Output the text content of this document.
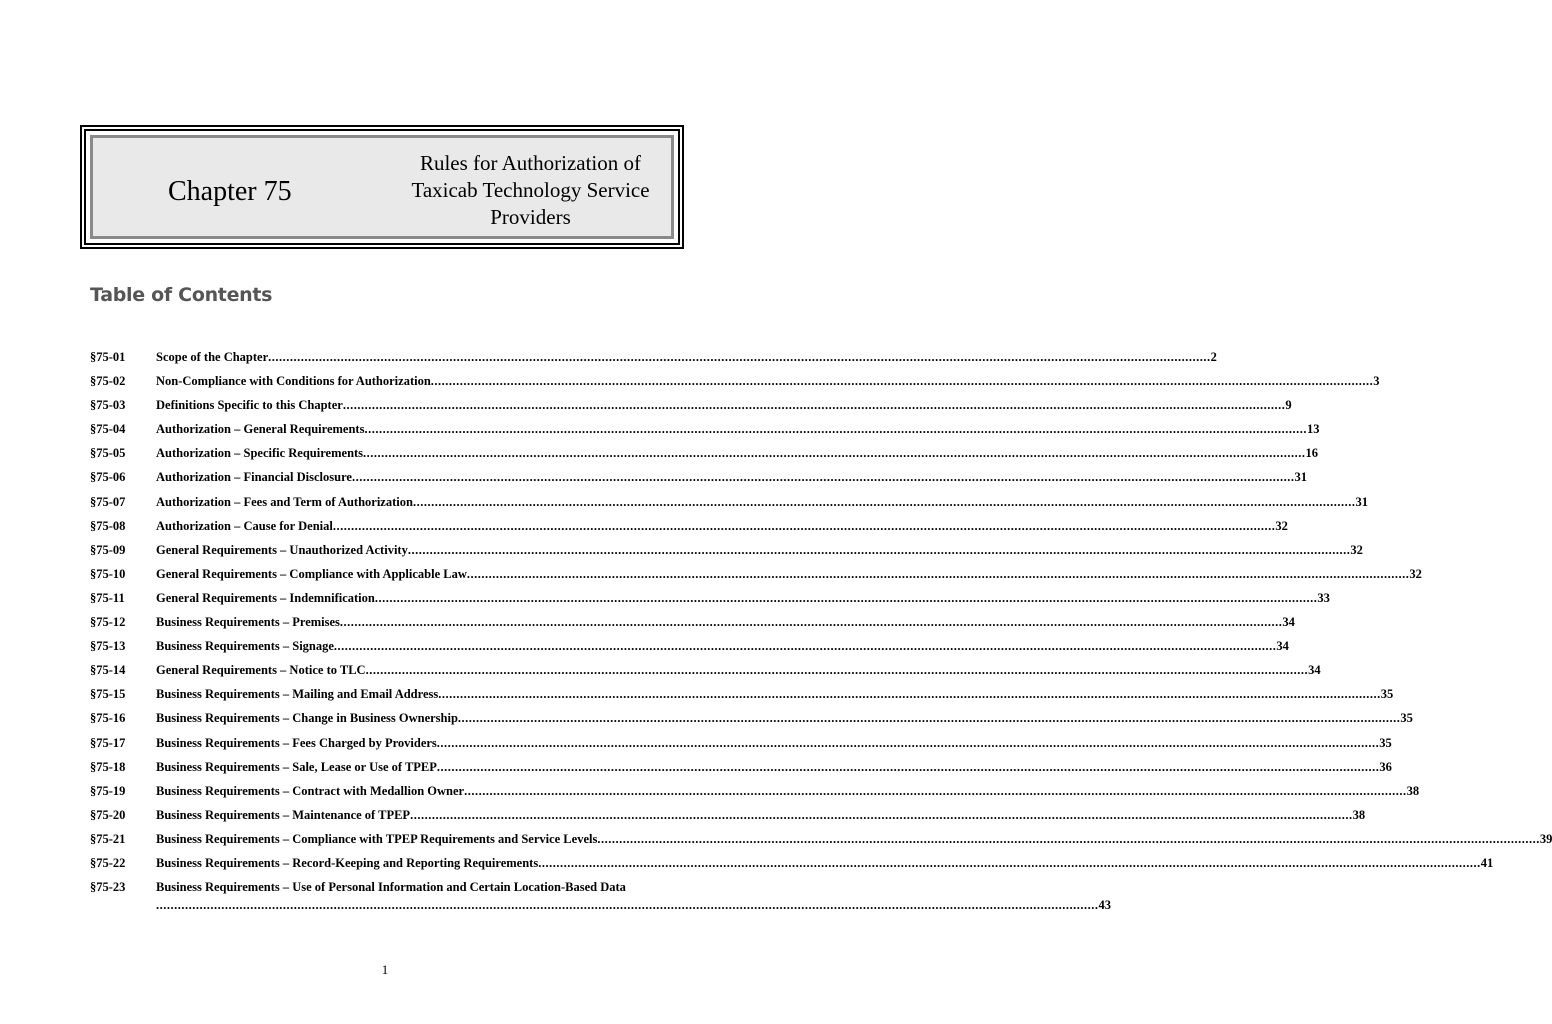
Chapter 75
Rules for Authorization of
Taxicab Technology Service
Providers
Table of Contents
§75-01	Scope of the Chapter .................................................................................................................................................................................................................................................................... 2
§75-02	Non-Compliance with Conditions for Authorization .................................................................................................................................................................................................................................................................... 3
§75-03	Definitions Specific to this Chapter .................................................................................................................................................................................................................................................................... 9
§75-04	Authorization – General Requirements .................................................................................................................................................................................................................................................................... 13
§75-05	Authorization – Specific Requirements .................................................................................................................................................................................................................................................................... 16
§75-06	Authorization – Financial Disclosure .................................................................................................................................................................................................................................................................... 31
§75-07	Authorization – Fees and Term of Authorization .................................................................................................................................................................................................................................................................... 31
§75-08	Authorization – Cause for Denial .................................................................................................................................................................................................................................................................... 32
§75-09	General Requirements – Unauthorized Activity .................................................................................................................................................................................................................................................................... 32
§75-10	General Requirements – Compliance with Applicable Law .................................................................................................................................................................................................................................................................... 32
§75-11	General Requirements – Indemnification .................................................................................................................................................................................................................................................................... 33
§75-12	Business Requirements – Premises .................................................................................................................................................................................................................................................................... 34
§75-13	Business Requirements – Signage .................................................................................................................................................................................................................................................................... 34
§75-14	General Requirements – Notice to TLC .................................................................................................................................................................................................................................................................... 34
§75-15	Business Requirements – Mailing and Email Address .................................................................................................................................................................................................................................................................... 35
§75-16	Business Requirements – Change in Business Ownership .................................................................................................................................................................................................................................................................... 35
§75-17	Business Requirements – Fees Charged by Providers .................................................................................................................................................................................................................................................................... 35
§75-18	Business Requirements – Sale, Lease or Use of TPEP .................................................................................................................................................................................................................................................................... 36
§75-19	Business Requirements – Contract with Medallion Owner .................................................................................................................................................................................................................................................................... 38
§75-20	Business Requirements – Maintenance of TPEP .................................................................................................................................................................................................................................................................... 38
§75-21	Business Requirements – Compliance with TPEP Requirements and Service Levels .................................................................................................................................................................................................................................................................... 39
§75-22	Business Requirements – Record-Keeping and Reporting Requirements .................................................................................................................................................................................................................................................................... 41
§75-23	Business Requirements – Use of Personal Information and Certain Location-Based Data
.................................................................................................................................................................................................................................................................... 43
1
